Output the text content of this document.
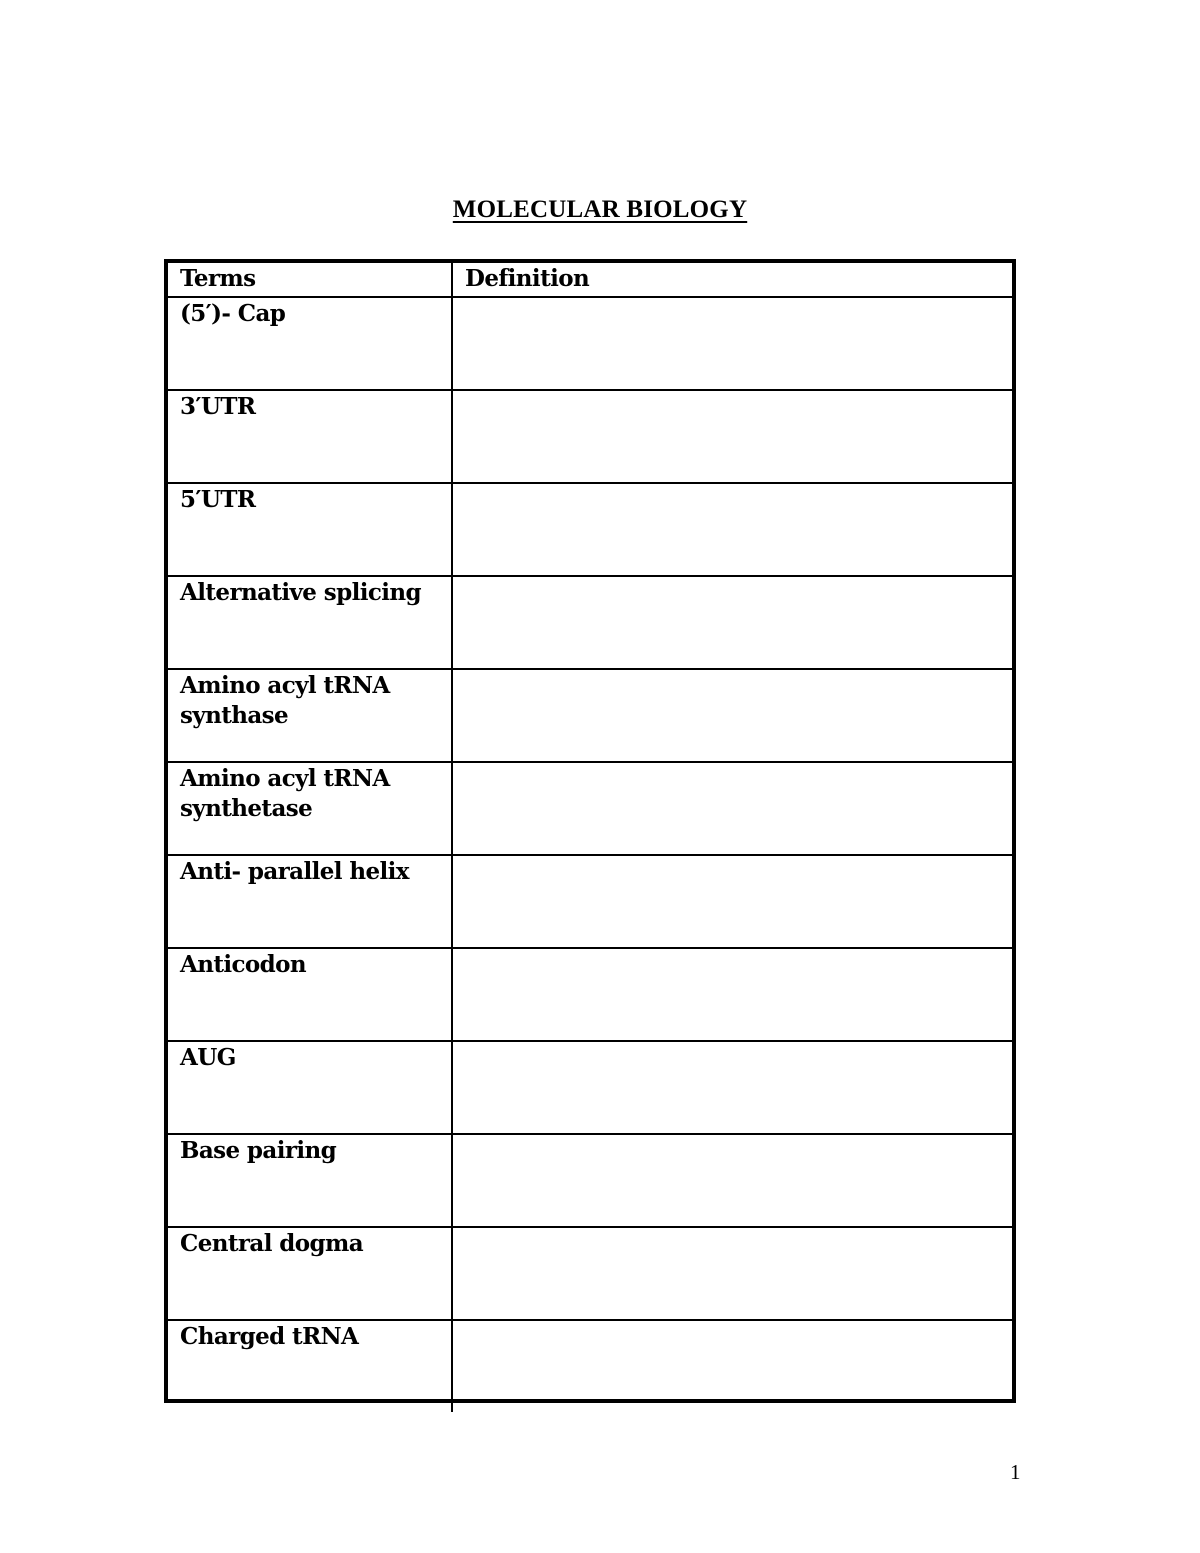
MOLECULAR BIOLOGY
Terms	Definition
(5′)- Cap	
3′UTR	
5′UTR	
Alternative splicing	
Amino acyl tRNA synthase	
Amino acyl tRNA synthetase	
Anti- parallel helix	
Anticodon	
AUG	
Base pairing	
Central dogma	
Charged tRNA	
1
